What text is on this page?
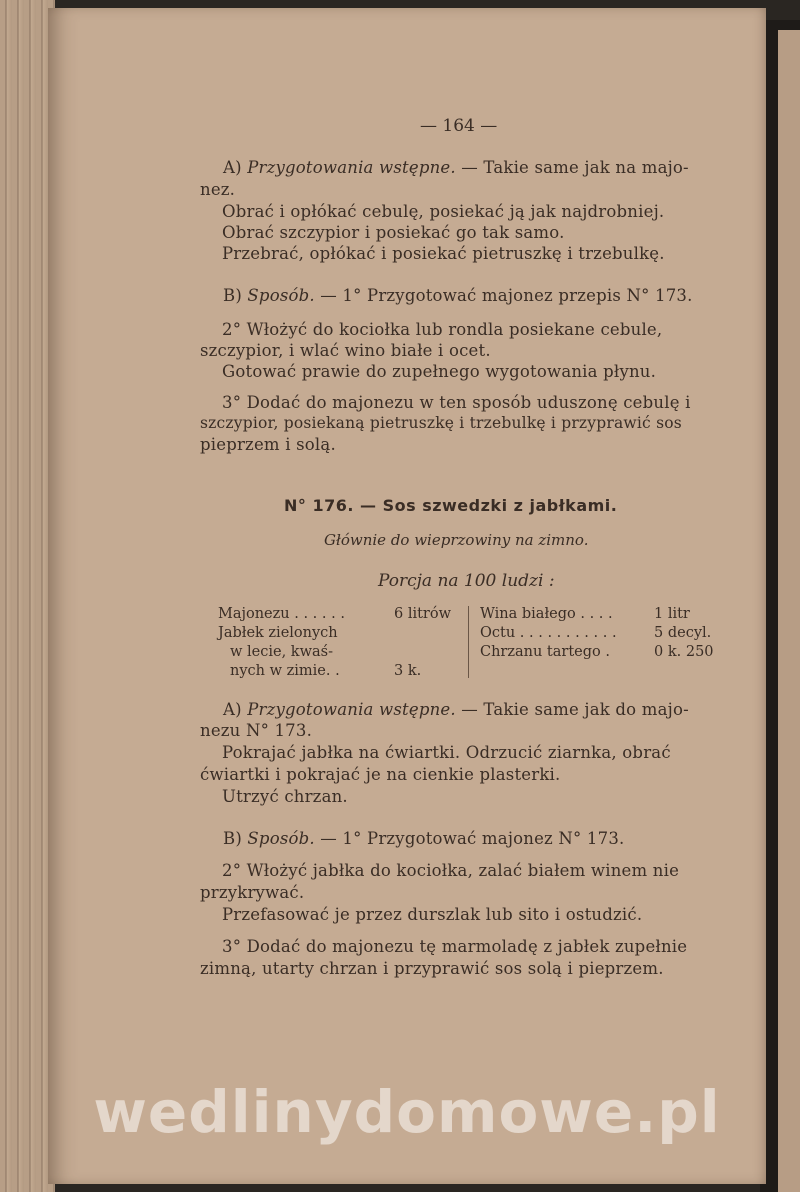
— 164 —
A) Przygotowania wstępne. — Takie same jak na majo-
nez.
Obrać i opłókać cebulę, posiekać ją jak najdrobniej.
Obrać szczypior i posiekać go tak samo.
Przebrać, opłókać i posiekać pietruszkę i trzebulkę.
B) Sposób. — 1° Przygotować majonez przepis N° 173.
2° Włożyć do kociołka lub rondla posiekane cebule,
szczypior, i wlać wino białe i ocet.
Gotować prawie do zupełnego wygotowania płynu.
3° Dodać do majonezu w ten sposób uduszonę cebulę i
szczypior, posiekaną pietruszkę i trzebulkę i przyprawić sos
pieprzem i solą.
N° 176. — Sos szwedzki z jabłkami.
Głównie do wieprzowiny na zimno.
Porcja na 100 ludzi :
Majonezu . . . . . .	6 litrów
Jabłek zielonych
w lecie, kwaś-
nych w zimie. .	3 k.
Wina białego . . . .	1 litr
Octu . . . . . . . . . . .	5 decyl.
Chrzanu tartego .	0 k. 250
A) Przygotowania wstępne. — Takie same jak do majo-
nezu N° 173.
Pokrajać jabłka na ćwiartki. Odrzucić ziarnka, obrać
ćwiartki i pokrajać je na cienkie plasterki.
Utrzyć chrzan.
B) Sposób. — 1° Przygotować majonez N° 173.
2° Włożyć jabłka do kociołka, zalać białem winem nie
przykrywać.
Przefasować je przez durszlak lub sito i ostudzić.
3° Dodać do majonezu tę marmoladę z jabłek zupełnie
zimną, utarty chrzan i przyprawić sos solą i pieprzem.
wedlinydomowe.pl
